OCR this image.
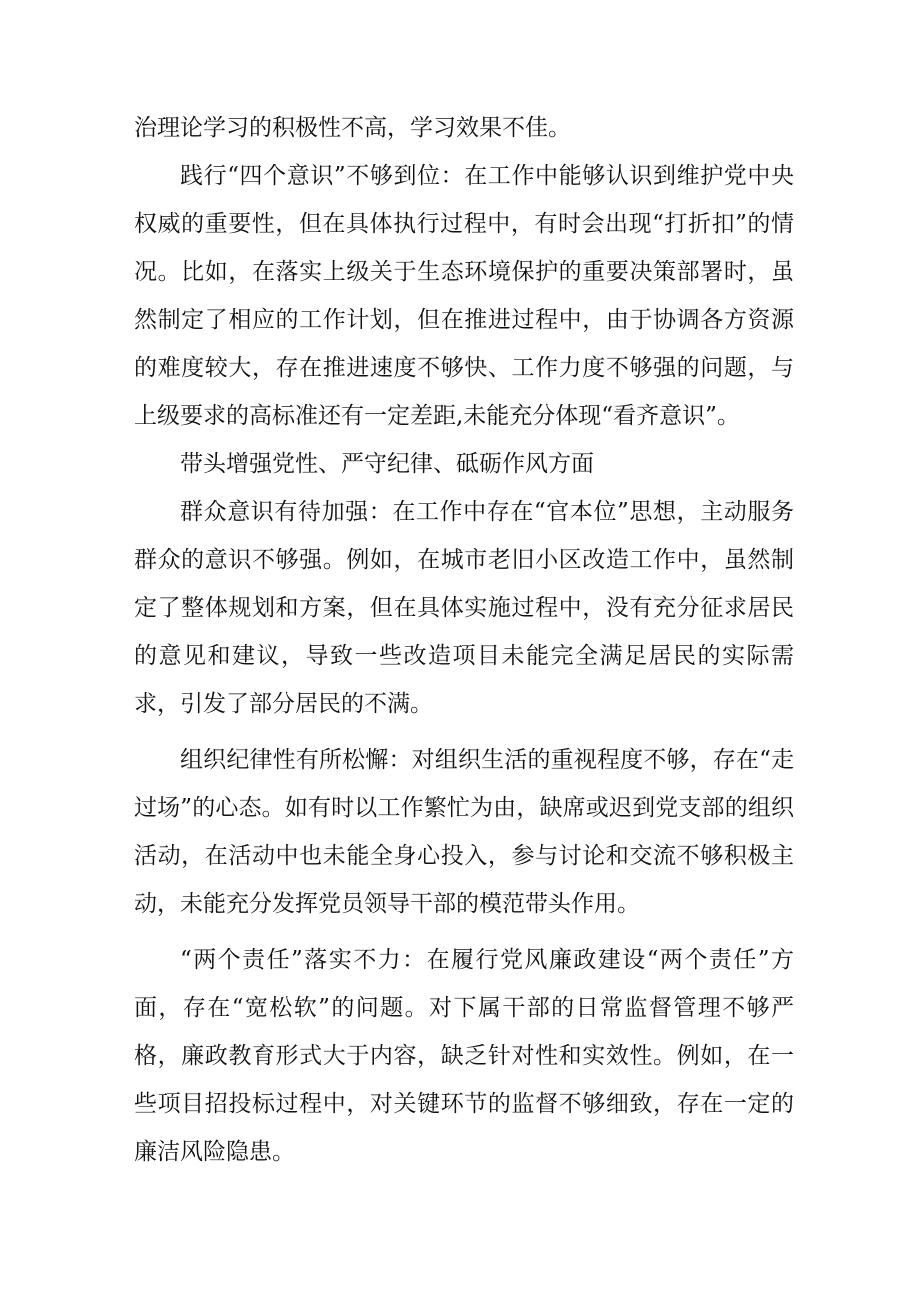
治理论学习的积极性不高，学习效果不佳。

践行“四个意识”不够到位：在工作中能够认识到维护党中央权威的重要性，但在具体执行过程中，有时会出现“打折扣”的情况。比如，在落实上级关于生态环境保护的重要决策部署时，虽然制定了相应的工作计划，但在推进过程中，由于协调各方资源的难度较大，存在推进速度不够快、工作力度不够强的问题，与上级要求的高标准还有一定差距,未能充分体现“看齐意识”。

带头增强党性、严守纪律、砥砺作风方面

群众意识有待加强：在工作中存在“官本位”思想，主动服务群众的意识不够强。例如，在城市老旧小区改造工作中，虽然制定了整体规划和方案，但在具体实施过程中，没有充分征求居民的意见和建议，导致一些改造项目未能完全满足居民的实际需求，引发了部分居民的不满。

组织纪律性有所松懈：对组织生活的重视程度不够，存在“走过场”的心态。如有时以工作繁忙为由，缺席或迟到党支部的组织活动，在活动中也未能全身心投入，参与讨论和交流不够积极主动，未能充分发挥党员领导干部的模范带头作用。

“两个责任”落实不力：在履行党风廉政建设“两个责任”方面，存在“宽松软”的问题。对下属干部的日常监督管理不够严格，廉政教育形式大于内容，缺乏针对性和实效性。例如，在一些项目招投标过程中，对关键环节的监督不够细致，存在一定的廉洁风险隐患。
